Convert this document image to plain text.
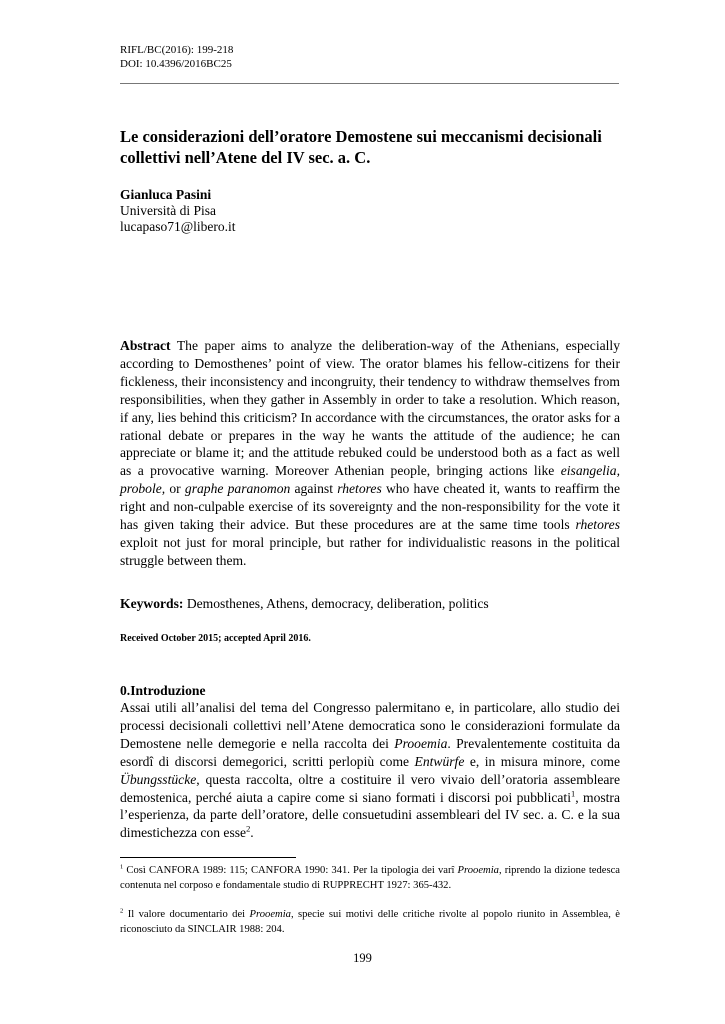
RIFL/BC(2016): 199-218
DOI: 10.4396/2016BC25
Le considerazioni dell’oratore Demostene sui meccanismi decisionali collettivi nell’Atene del IV sec. a. C.
Gianluca Pasini
Università di Pisa
lucapaso71@libero.it

Abstract The paper aims to analyze the deliberation-way of the Athenians, especially according to Demosthenes’ point of view. The orator blames his fellow-citizens for their fickleness, their inconsistency and incongruity, their tendency to withdraw themselves from responsibilities, when they gather in Assembly in order to take a resolution. Which reason, if any, lies behind this criticism? In accordance with the circumstances, the orator asks for a rational debate or prepares in the way he wants the attitude of the audience; he can appreciate or blame it; and the attitude rebuked could be understood both as a fact as well as a provocative warning. Moreover Athenian people, bringing actions like eisangelia, probole, or graphe paranomon against rhetores who have cheated it, wants to reaffirm the right and non-culpable exercise of its sovereignty and the non-responsibility for the vote it has given taking their advice. But these procedures are at the same time tools rhetores exploit not just for moral principle, but rather for individualistic reasons in the political struggle between them.

Keywords: Demosthenes, Athens, democracy, deliberation, politics
Received October 2015; accepted April 2016.
0.Introduzione

Assai utili all’analisi del tema del Congresso palermitano e, in particolare, allo studio dei processi decisionali collettivi nell’Atene democratica sono le considerazioni formulate da Demostene nelle demegorie e nella raccolta dei Prooemia. Prevalentemente costituita da esordî di discorsi demegorici, scritti perlopiù come Entwürfe e, in misura minore, come Übungsstücke, questa raccolta, oltre a costituire il vero vivaio dell’oratoria assembleare demostenica, perché aiuta a capire come si siano formati i discorsi poi pubblicati$^1$, mostra l’esperienza, da parte dell’oratore, delle consuetudini assembleari del IV sec. a. C. e la sua dimestichezza con esse$^2$.

$^1$ Così CANFORA 1989: 115; CANFORA 1990: 341. Per la tipologia dei varî Prooemia, riprendo la dizione tedesca contenuta nel corposo e fondamentale studio di RUPPRECHT 1927: 365-432.

$^2$ Il valore documentario dei Prooemia, specie sui motivi delle critiche rivolte al popolo riunito in Assemblea, è riconosciuto da SINCLAIR 1988: 204.

199
